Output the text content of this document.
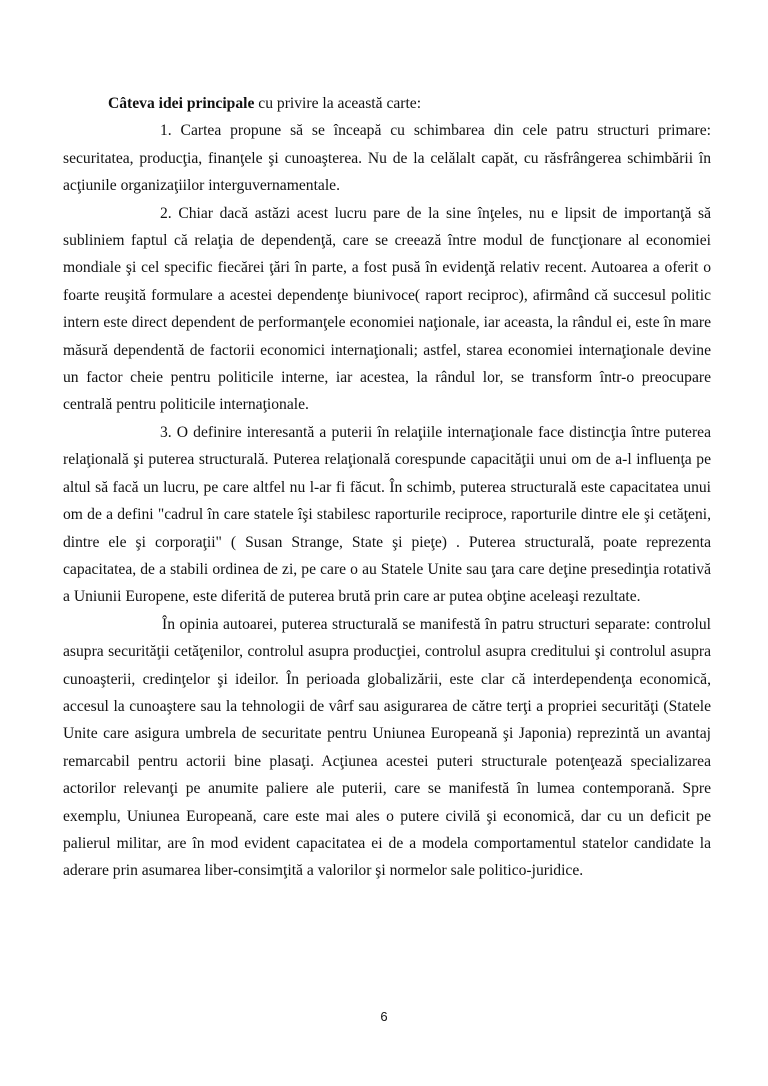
Câteva idei principale cu privire la această carte:

1. Cartea propune să se înceapă cu schimbarea din cele patru structuri primare: securitatea, producţia, finanţele şi cunoaşterea. Nu de la celălalt capăt, cu răsfrângerea schimbării în acţiunile organizaţiilor interguvernamentale.

2. Chiar dacă astăzi acest lucru pare de la sine înţeles, nu e lipsit de importanţă să subliniem faptul că relaţia de dependenţă, care se creează între modul de funcţionare al economiei mondiale şi cel specific fiecărei ţări în parte, a fost pusă în evidenţă relativ recent. Autoarea a oferit o foarte reuşită formulare a acestei dependenţe biunivoce( raport reciproc), afirmând că succesul politic intern este direct dependent de performanţele economiei naţionale, iar aceasta, la rândul ei, este în mare măsură dependentă de factorii economici internaţionali; astfel, starea economiei internaţionale devine un factor cheie pentru politicile interne, iar acestea, la rândul lor, se transform într-o preocupare centrală pentru politicile internaţionale.

3. O definire interesantă a puterii în relaţiile internaţionale face distincţia între puterea relaţională şi puterea structurală. Puterea relaţională corespunde capacităţii unui om de a-l influenţa pe altul să facă un lucru, pe care altfel nu l-ar fi făcut. În schimb, puterea structurală este capacitatea unui om de a defini "cadrul în care statele îşi stabilesc raporturile reciproce, raporturile dintre ele şi cetăţeni, dintre ele şi corporaţii" ( Susan Strange, State şi pieţe) . Puterea structurală, poate reprezenta capacitatea, de a stabili ordinea de zi, pe care o au Statele Unite sau ţara care deţine presedinţia rotativă a Uniunii Europene, este diferită de puterea brută prin care ar putea obţine aceleaşi rezultate.

În opinia autoarei, puterea structurală se manifestă în patru structuri separate: controlul asupra securităţii cetăţenilor, controlul asupra producţiei, controlul asupra creditului şi controlul asupra cunoaşterii, credinţelor şi ideilor. În perioada globalizării, este clar că interdependenţa economică, accesul la cunoaştere sau la tehnologii de vârf sau asigurarea de către terţi a propriei securităţi (Statele Unite care asigura umbrela de securitate pentru Uniunea Europeană şi Japonia) reprezintă un avantaj remarcabil pentru actorii bine plasaţi. Acţiunea acestei puteri structurale potenţează specializarea actorilor relevanţi pe anumite paliere ale puterii, care se manifestă în lumea contemporană. Spre exemplu, Uniunea Europeană, care este mai ales o putere civilă şi economică, dar cu un deficit pe palierul militar, are în mod evident capacitatea ei de a modela comportamentul statelor candidate la aderare prin asumarea liber-consimţită a valorilor şi normelor sale politico-juridice.

6
